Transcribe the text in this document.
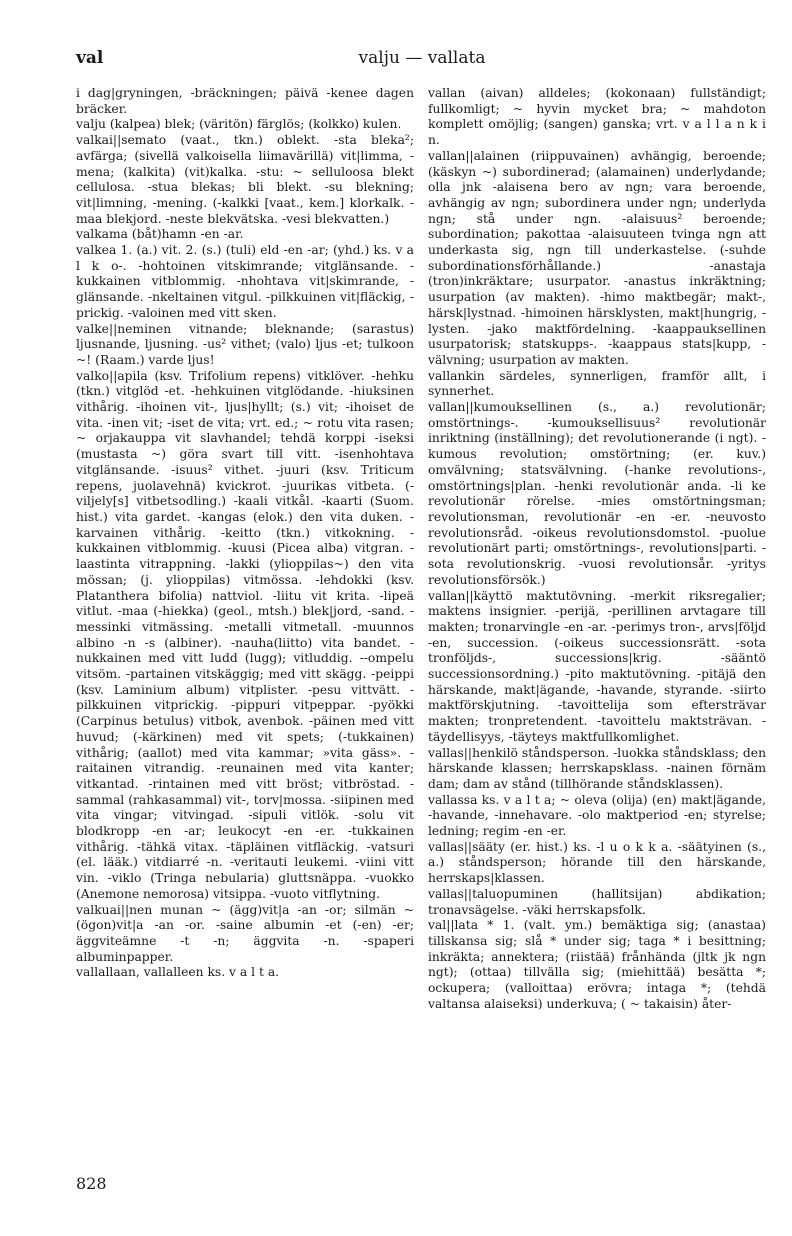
val	valju — vallata

i dag|gryningen, -bräckningen; päivä -kenee dagen bräcker.

valju (kalpea) blek; (väritön) färglös; (kolkko) kulen.

valkai||semato (vaat., tkn.) oblekt. -sta bleka²; avfärga; (sivellä valkoisella liimavärillä) vit|limma, -mena; (kalkita) (vit)kalka. -stu: ~ selluloosa blekt cellulosa. -stua blekas; bli blekt. -su blekning; vit|limning, -mening. (-kalkki [vaat., kem.] klorkalk. -maa blekjord. -neste blekvätska. -vesi blekvatten.)

valkama (båt)hamn -en -ar.

valkea 1. (a.) vit. 2. (s.) (tuli) eld -en -ar; (yhd.) ks. v a l k o-. -hohtoinen vitskimrande; vitglänsande. -kukkainen vitblommig. -nhohtava vit|skimrande, -glänsande. -nkeltainen vitgul. -pilkkuinen vit|fläckig, -prickig. -valoinen med vitt sken.

valke||neminen vitnande; bleknande; (sarastus) ljusnande, ljusning. -us² vithet; (valo) ljus -et; tulkoon ~! (Raam.) varde ljus!

valko||apila (ksv. Trifolium repens) vitklöver. -hehku (tkn.) vitglöd -et. -hehkuinen vitglödande. -hiuksinen vithårig. -ihoinen vit-, ljus|hyllt; (s.) vit; -ihoiset de vita. -inen vit; -iset de vita; vrt. ed.; ~ rotu vita rasen; ~ orjakauppa vit slavhandel; tehdä korppi -iseksi (mustasta ~) göra svart till vitt. -isenhohtava vitglänsande. -isuus² vithet. -juuri (ksv. Triticum repens, juolavehnä) kvickrot. -juurikas vitbeta. (-viljely[s] vitbetsodling.) -kaali vitkål. -kaarti (Suom. hist.) vita gardet. -kangas (elok.) den vita duken. -karvainen vithårig. -keitto (tkn.) vitkokning. -kukkainen vitblommig. -kuusi (Picea alba) vitgran. -laastinta vitrappning. -lakki (ylioppilas~) den vita mössan; (j. ylioppilas) vitmössa. -lehdokki (ksv. Platanthera bifolia) nattviol. -liitu vit krita. -lipeä vitlut. -maa (-hiekka) (geol., mtsh.) blek|jord, -sand. -messinki vitmässing. -metalli vitmetall. -muunnos albino -n -s (albiner). -nauha(liitto) vita bandet. -nukkainen med vitt ludd (lugg); vitluddig. --ompelu vitsöm. -partainen vitskäggig; med vitt skägg. -peippi (ksv. Laminium album) vitplister. -pesu vittvätt. -pilkkuinen vitprickig. -pippuri vitpeppar. -pyökki (Carpinus betulus) vitbok, avenbok. -päinen med vitt huvud; (-kärkinen) med vit spets; (-tukkainen) vithårig; (aallot) med vita kammar; »vita gäss». -raitainen vitrandig. -reunainen med vita kanter; vitkantad. -rintainen med vitt bröst; vitbröstad. -sammal (rahkasammal) vit-, torv|mossa. -siipinen med vita vingar; vitvingad. -sipuli vitlök. -solu vit blodkropp -en -ar; leukocyt -en -er. -tukkainen vithårig. -tähkä vitax. -täpläinen vitfläckig. -vatsuri (el. lääk.) vitdiarré -n. -veritauti leukemi. -viini vitt vin. -viklo (Tringa nebularia) gluttsnäppa. -vuokko (Anemone nemorosa) vitsippa. -vuoto vitflytning.

valkuai||nen munan ~ (ägg)vit|a -an -or; silmän ~ (ögon)vit|a -an -or. -saine albumin -et (-en) -er; äggviteämne -t -n; äggvita -n. -spaperi albuminpapper.

vallallaan, vallalleen ks. v a l t a.

vallan (aivan) alldeles; (kokonaan) fullständigt; fullkomligt; ~ hyvin mycket bra; ~ mahdoton komplett omöjlig; (sangen) ganska; vrt. v a l l a n k i n.

vallan||alainen (riippuvainen) avhängig, beroende; (käskyn ~) subordinerad; (alamainen) underlydande; olla jnk -alaisena bero av ngn; vara beroende, avhängig av ngn; subordinera under ngn; underlyda ngn; stå under ngn. -alaisuus² beroende; subordination; pakottaa -alaisuuteen tvinga ngn att underkasta sig, ngn till underkastelse. (-suhde subordinationsförhållande.) -anastaja (tron)inkräktare; usurpator. -anastus inkräktning; usurpation (av makten). -himo maktbegär; makt-, härsk|lystnad. -himoinen härsklysten, makt|hungrig, -lysten. -jako maktfördelning. -kaappauksellinen usurpatorisk; statskupps-. -kaappaus stats|kupp, -välvning; usurpation av makten.

vallankin särdeles, synnerligen, framför allt, i synnerhet.

vallan||kumouksellinen (s., a.) revolutionär; omstörtnings-. -kumouksellisuus² revolutionär inriktning (inställning); det revolutionerande (i ngt). -kumous revolution; omstörtning; (er. kuv.) omvälvning; statsvälvning. (-hanke revolutions-, omstörtnings|plan. -henki revolutionär anda. -li ke revolutionär rörelse. -mies omstörtningsman; revolutionsman, revolutionär -en -er. -neuvosto revolutionsråd. -oikeus revolutionsdomstol. -puolue revolutionärt parti; omstörtnings-, revolutions|parti. -sota revolutionskrig. -vuosi revolutionsår. -yritys revolutionsförsök.)

vallan||käyttö maktutövning. -merkit riksregalier; maktens insignier. -perijä, -perillinen arvtagare till makten; tronarvingle -en -ar. -perimys tron-, arvs|följd -en, succession. (-oikeus successionsrätt. -sota tronföljds-, successions|krig. -sääntö successionsordning.) -pito maktutövning. -pitäjä den härskande, makt|ägande, -havande, styrande. -siirto maktförskjutning. -tavoittelija som eftersträvar makten; tronpretendent. -tavoittelu maktsträvan. -täydellisyys, -täyteys maktfullkomlighet.

vallas||henkilö ståndsperson. -luokka ståndsklass; den härskande klassen; herrskapsklass. -nainen förnäm dam; dam av stånd (tillhörande ståndsklassen).

vallassa ks. v a l t a; ~ oleva (olija) (en) makt|ägande, -havande, -innehavare. -olo maktperiod -en; styrelse; ledning; regim -en -er.

vallas||sääty (er. hist.) ks. -l u o k k a. -säätyinen (s., a.) ståndsperson; hörande till den härskande, herrskaps|klassen.

vallas||taluopuminen (hallitsijan) abdikation; tronavsägelse. -väki herrskapsfolk.

val||lata * 1. (valt. ym.) bemäktiga sig; (anastaa) tillskansa sig; slå * under sig; taga * i besittning; inkräkta; annektera; (riistää) frånhända (jltk jk ngn ngt); (ottaa) tillvälla sig; (miehittää) besätta *; ockupera; (valloittaa) erövra; intaga *; (tehdä valtansa alaiseksi) underkuva; ( ~ takaisin) åter-

828
